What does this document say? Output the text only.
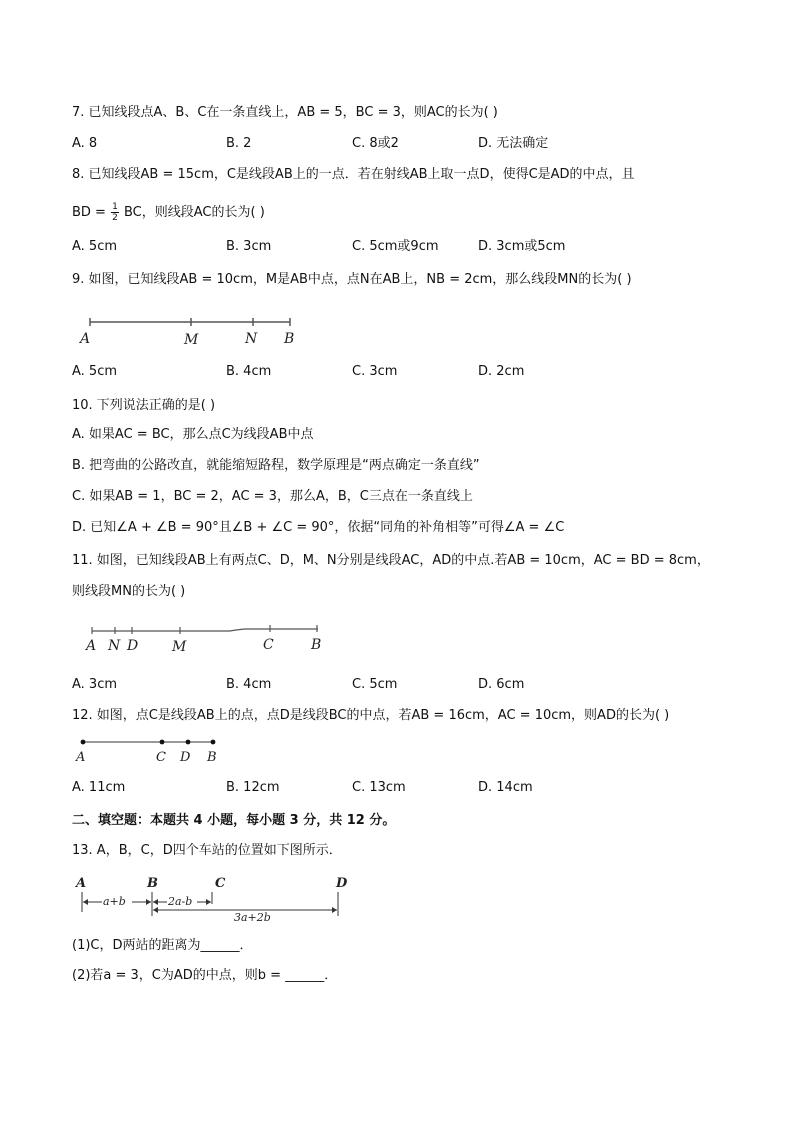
7. 已知线段点A、B、C在一条直线上，AB = 5，BC = 3，则AC的长为( )
A. 8	B. 2	C. 8或2	D. 无法确定
8. 已知线段AB = 15cm，C是线段AB上的一点．若在射线AB上取一点D，使得C是AD的中点，且
BD = $\frac{1}{2}$ BC，则线段AC的长为( )
A. 5cm	B. 3cm	C. 5cm或9cm	D. 3cm或5cm
9. 如图，已知线段AB = 10cm，M是AB中点，点N在AB上，NB = 2cm，那么线段MN的长为( )
A	M	N B
A. 5cm	B. 4cm	C. 3cm	D. 2cm
10. 下列说法正确的是( )
A. 如果AC = BC，那么点C为线段AB中点
B. 把弯曲的公路改直，就能缩短路程，数学原理是“两点确定一条直线”
C. 如果AB = 1，BC = 2，AC = 3，那么A，B，C三点在一条直线上
D. 已知∠A + ∠B = 90°且∠B + ∠C = 90°，依据“同角的补角相等”可得∠A = ∠C
11. 如图，已知线段AB上有两点C、D，M、N分别是线段AC，AD的中点.若AB = 10cm，AC = BD = 8cm，
则线段MN的长为( )
A N D M	C	B
A. 3cm	B. 4cm	C. 5cm	D. 6cm
12. 如图，点C是线段AB上的点，点D是线段BC的中点，若AB = 16cm，AC = 10cm，则AD的长为( )
A	C D B
A. 11cm	B. 12cm	C. 13cm	D. 14cm
二、填空题：本题共 4 小题，每小题 3 分，共 12 分。
13. A，B，C，D四个车站的位置如下图所示．
A	B	C	D
a+b	2a-b
3a+2b
(1)C，D两站的距离为______．
(2)若a = 3，C为AD的中点，则b = ______．
